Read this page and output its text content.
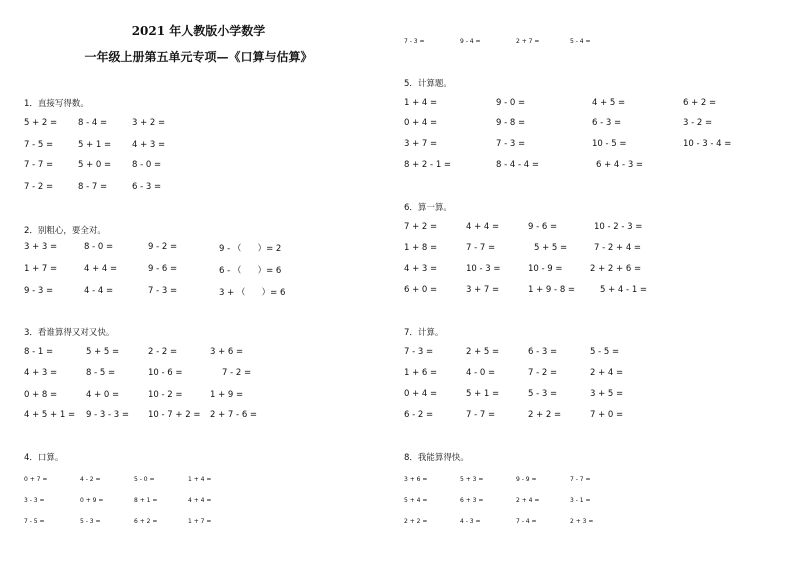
2021 年人教版小学数学
一年级上册第五单元专项—《口算与估算》
1．直接写得数。
5 + 2 = 8 - 4 =	3 + 2 =
7 - 5 =	5 + 1 = 4 + 3 =
7 - 7 =	5 + 0 = 8 - 0 =
7 - 2 =	8 - 7 =	6 - 3 =
2．别粗心，要全对。
3 + 3 =	8 - 0 =	9 - 2 =	9 - （      ）= 2
1 + 7 =	4 + 4 =	9 - 6 =	6 - （      ）= 6
9 - 3 =	4 - 4 =	7 - 3 =	3 + （      ）= 6
3．看谁算得又对又快。
8 - 1 =	5 + 5 =	2 - 2 =	3 + 6 =
4 + 3 =	8 - 5 =	10 - 6 =	7 - 2 =
0 + 8 =	4 + 0 =	10 - 2 =	1 + 9 =
4 + 5 + 1 = 9 - 3 - 3 = 10 - 7 + 2 = 2 + 7 - 6 =
4．口算。
0 + 7 =	4 - 2 =	5 - 0 =	1 + 4 =
3 - 3 =	0 + 9 =	8 + 1 =	4 + 4 =
7 - 5 =	5 - 3 =	6 + 2 =	1 + 7 =
7 - 3 =	9 - 4 =	2 + 7 =	5 - 4 =
5．计算题。
1 + 4 =	9 - 0 =	4 + 5 =	6 + 2 =
0 + 4 =	9 - 8 =	6 - 3 =	3 - 2 =
3 + 7 =	7 - 3 =	10 - 5 =	10 - 3 - 4 =
8 + 2 - 1 =	8 - 4 - 4 =	6 + 4 - 3 =
6．算一算。
7 + 2 =	4 + 4 =	9 - 6 =	10 - 2 - 3 =
1 + 8 =	7 - 7 =	5 + 5 =	7 - 2 + 4 =
4 + 3 =	10 - 3 =	10 - 9 =	2 + 2 + 6 =
6 + 0 =	3 + 7 =	1 + 9 - 8 =	5 + 4 - 1 =
7．计算。
7 - 3 =	2 + 5 =	6 - 3 =	5 - 5 =
1 + 6 =	4 - 0 =	7 - 2 =	2 + 4 =
0 + 4 =	5 + 1 =	5 - 3 =	3 + 5 =
6 - 2 =	7 - 7 =	2 + 2 =	7 + 0 =
8．我能算得快。
3 + 6 =	5 + 3 =	9 - 9 =	7 - 7 =
5 + 4 =	6 + 3 =	2 + 4 =	3 - 1 =
2 + 2 =	4 - 3 =	7 - 4 =	2 + 3 =
